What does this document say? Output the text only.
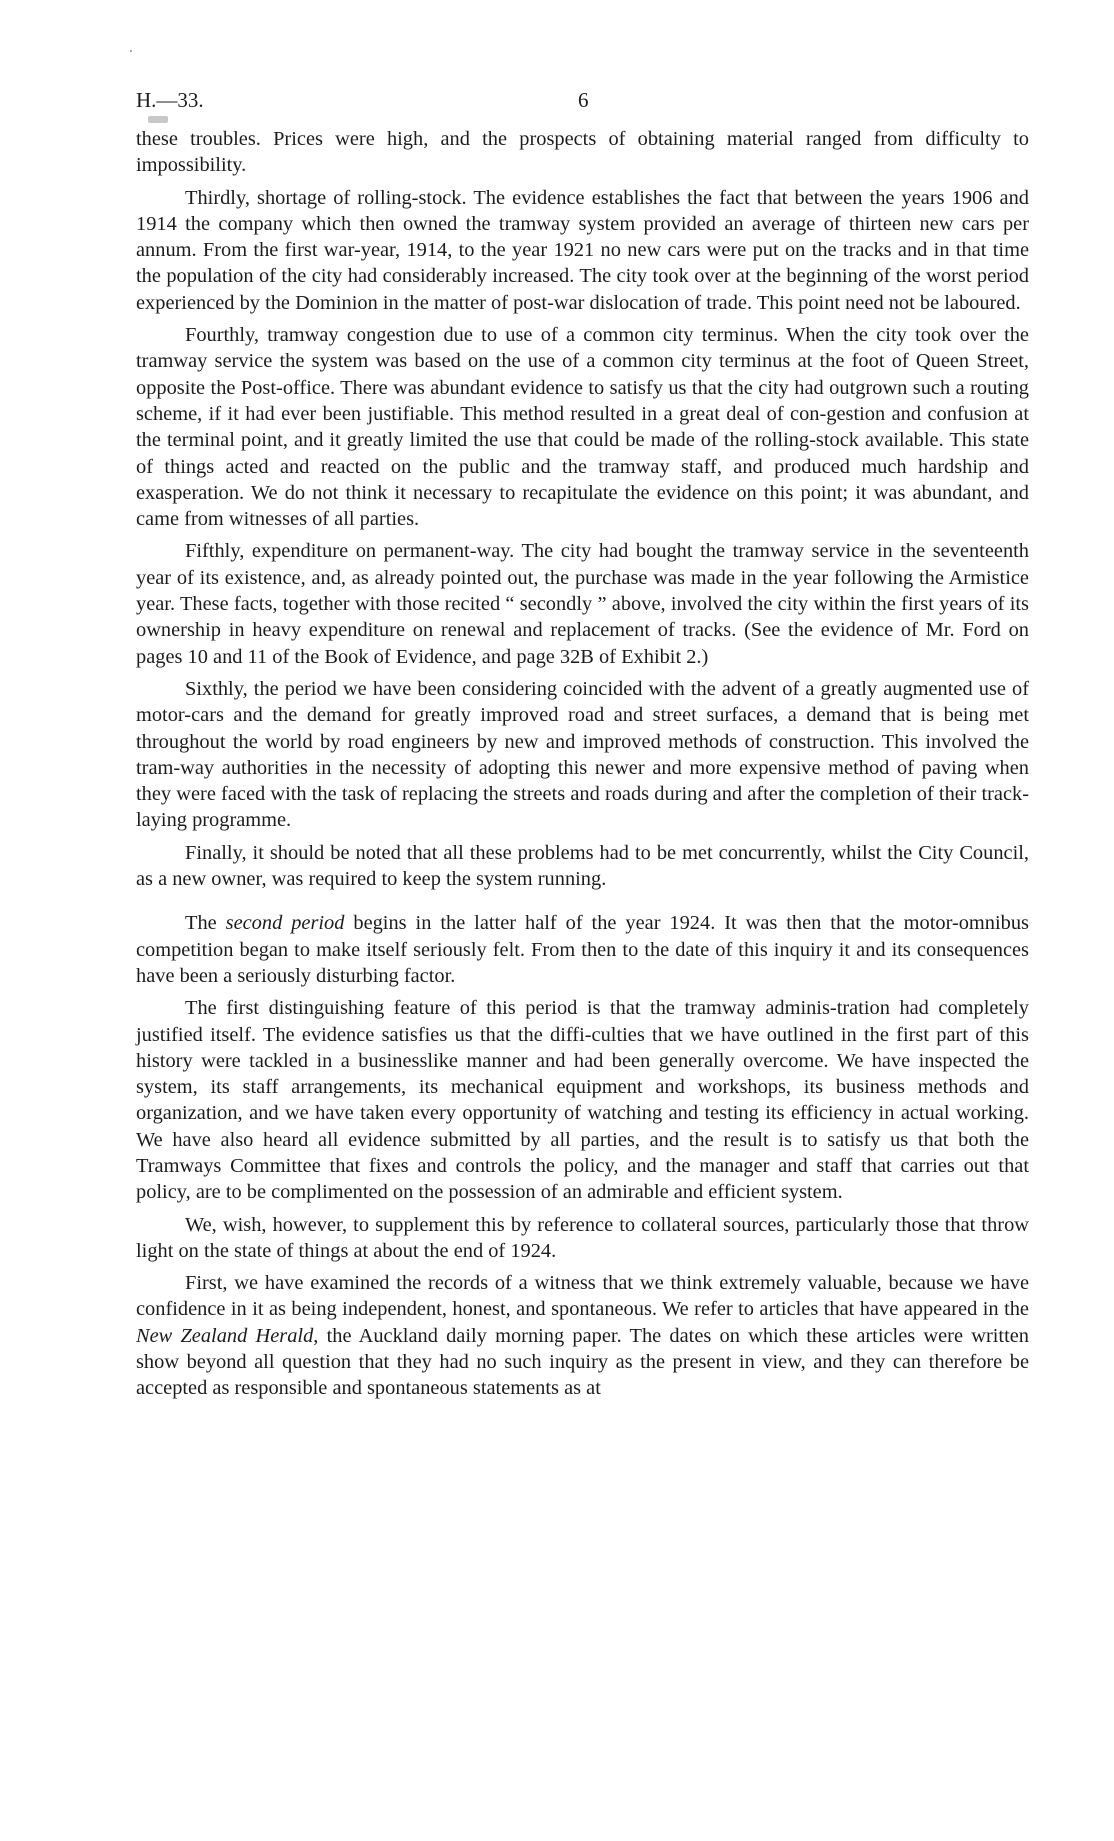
H.—33.	6

these troubles. Prices were high, and the prospects of obtaining material ranged from difficulty to impossibility.

Thirdly, shortage of rolling-stock. The evidence establishes the fact that between the years 1906 and 1914 the company which then owned the tramway system provided an average of thirteen new cars per annum. From the first war-year, 1914, to the year 1921 no new cars were put on the tracks and in that time the population of the city had considerably increased. The city took over at the beginning of the worst period experienced by the Dominion in the matter of post-war dislocation of trade. This point need not be laboured.

Fourthly, tramway congestion due to use of a common city terminus. When the city took over the tramway service the system was based on the use of a common city terminus at the foot of Queen Street, opposite the Post-office. There was abundant evidence to satisfy us that the city had outgrown such a routing scheme, if it had ever been justifiable. This method resulted in a great deal of con-gestion and confusion at the terminal point, and it greatly limited the use that could be made of the rolling-stock available. This state of things acted and reacted on the public and the tramway staff, and produced much hardship and exasperation. We do not think it necessary to recapitulate the evidence on this point; it was abundant, and came from witnesses of all parties.

Fifthly, expenditure on permanent-way. The city had bought the tramway service in the seventeenth year of its existence, and, as already pointed out, the purchase was made in the year following the Armistice year. These facts, together with those recited “ secondly ” above, involved the city within the first years of its ownership in heavy expenditure on renewal and replacement of tracks. (See the evidence of Mr. Ford on pages 10 and 11 of the Book of Evidence, and page 32B of Exhibit 2.)

Sixthly, the period we have been considering coincided with the advent of a greatly augmented use of motor-cars and the demand for greatly improved road and street surfaces, a demand that is being met throughout the world by road engineers by new and improved methods of construction. This involved the tram-way authorities in the necessity of adopting this newer and more expensive method of paving when they were faced with the task of replacing the streets and roads during and after the completion of their track-laying programme.

Finally, it should be noted that all these problems had to be met concurrently, whilst the City Council, as a new owner, was required to keep the system running.

The second period begins in the latter half of the year 1924. It was then that the motor-omnibus competition began to make itself seriously felt. From then to the date of this inquiry it and its consequences have been a seriously disturbing factor.

The first distinguishing feature of this period is that the tramway adminis-tration had completely justified itself. The evidence satisfies us that the diffi-culties that we have outlined in the first part of this history were tackled in a businesslike manner and had been generally overcome. We have inspected the system, its staff arrangements, its mechanical equipment and workshops, its business methods and organization, and we have taken every opportunity of watching and testing its efficiency in actual working. We have also heard all evidence submitted by all parties, and the result is to satisfy us that both the Tramways Committee that fixes and controls the policy, and the manager and staff that carries out that policy, are to be complimented on the possession of an admirable and efficient system.

We, wish, however, to supplement this by reference to collateral sources, particularly those that throw light on the state of things at about the end of 1924.

First, we have examined the records of a witness that we think extremely valuable, because we have confidence in it as being independent, honest, and spontaneous. We refer to articles that have appeared in the New Zealand Herald, the Auckland daily morning paper. The dates on which these articles were written show beyond all question that they had no such inquiry as the present in view, and they can therefore be accepted as responsible and spontaneous statements as at
